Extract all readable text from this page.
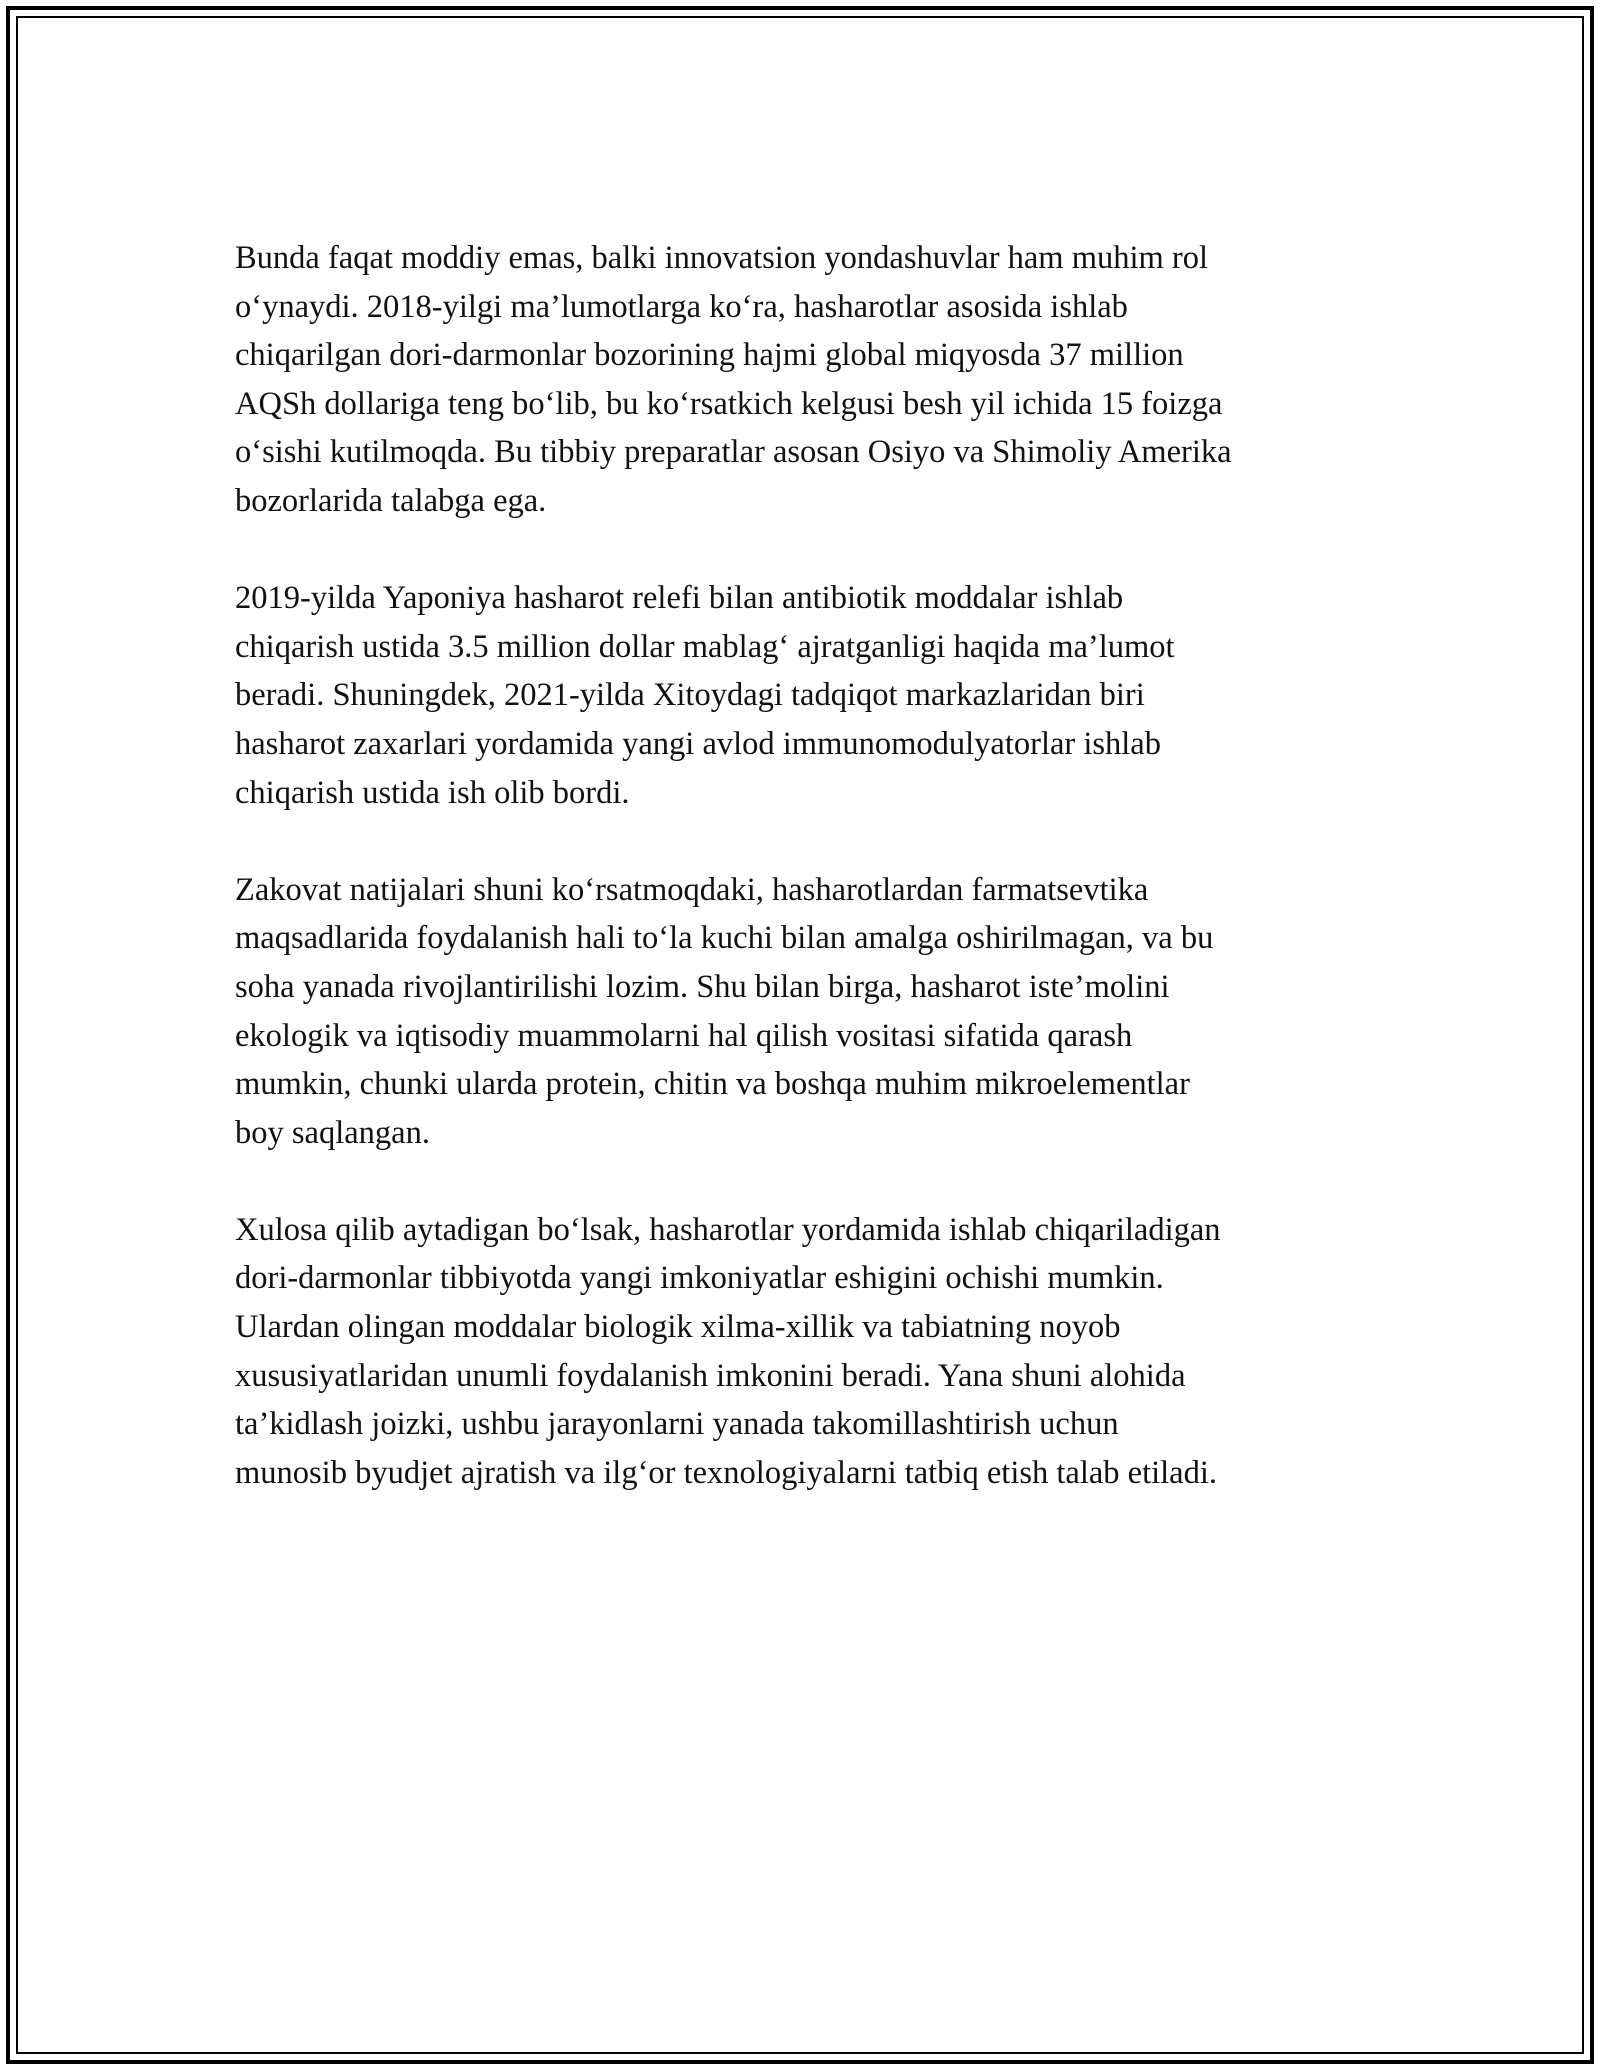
Bunda faqat moddiy emas, balki innovatsion yondashuvlar ham muhim rol
o‘ynaydi. 2018-yilgi ma’lumotlarga ko‘ra, hasharotlar asosida ishlab
chiqarilgan dori-darmonlar bozorining hajmi global miqyosda 37 million
AQSh dollariga teng bo‘lib, bu ko‘rsatkich kelgusi besh yil ichida 15 foizga
o‘sishi kutilmoqda. Bu tibbiy preparatlar asosan Osiyo va Shimoliy Amerika
bozorlarida talabga ega.
2019-yilda Yaponiya hasharot relefi bilan antibiotik moddalar ishlab
chiqarish ustida 3.5 million dollar mablag‘ ajratganligi haqida ma’lumot
beradi. Shuningdek, 2021-yilda Xitoydagi tadqiqot markazlaridan biri
hasharot zaxarlari yordamida yangi avlod immunomodulyatorlar ishlab
chiqarish ustida ish olib bordi.
Zakovat natijalari shuni ko‘rsatmoqdaki, hasharotlardan farmatsevtika
maqsadlarida foydalanish hali to‘la kuchi bilan amalga oshirilmagan, va bu
soha yanada rivojlantirilishi lozim. Shu bilan birga, hasharot iste’molini
ekologik va iqtisodiy muammolarni hal qilish vositasi sifatida qarash
mumkin, chunki ularda protein, chitin va boshqa muhim mikroelementlar
boy saqlangan.
Xulosa qilib aytadigan bo‘lsak, hasharotlar yordamida ishlab chiqariladigan
dori-darmonlar tibbiyotda yangi imkoniyatlar eshigini ochishi mumkin.
Ulardan olingan moddalar biologik xilma-xillik va tabiatning noyob
xususiyatlaridan unumli foydalanish imkonini beradi. Yana shuni alohida
ta’kidlash joizki, ushbu jarayonlarni yanada takomillashtirish uchun
munosib byudjet ajratish va ilg‘or texnologiyalarni tatbiq etish talab etiladi.
